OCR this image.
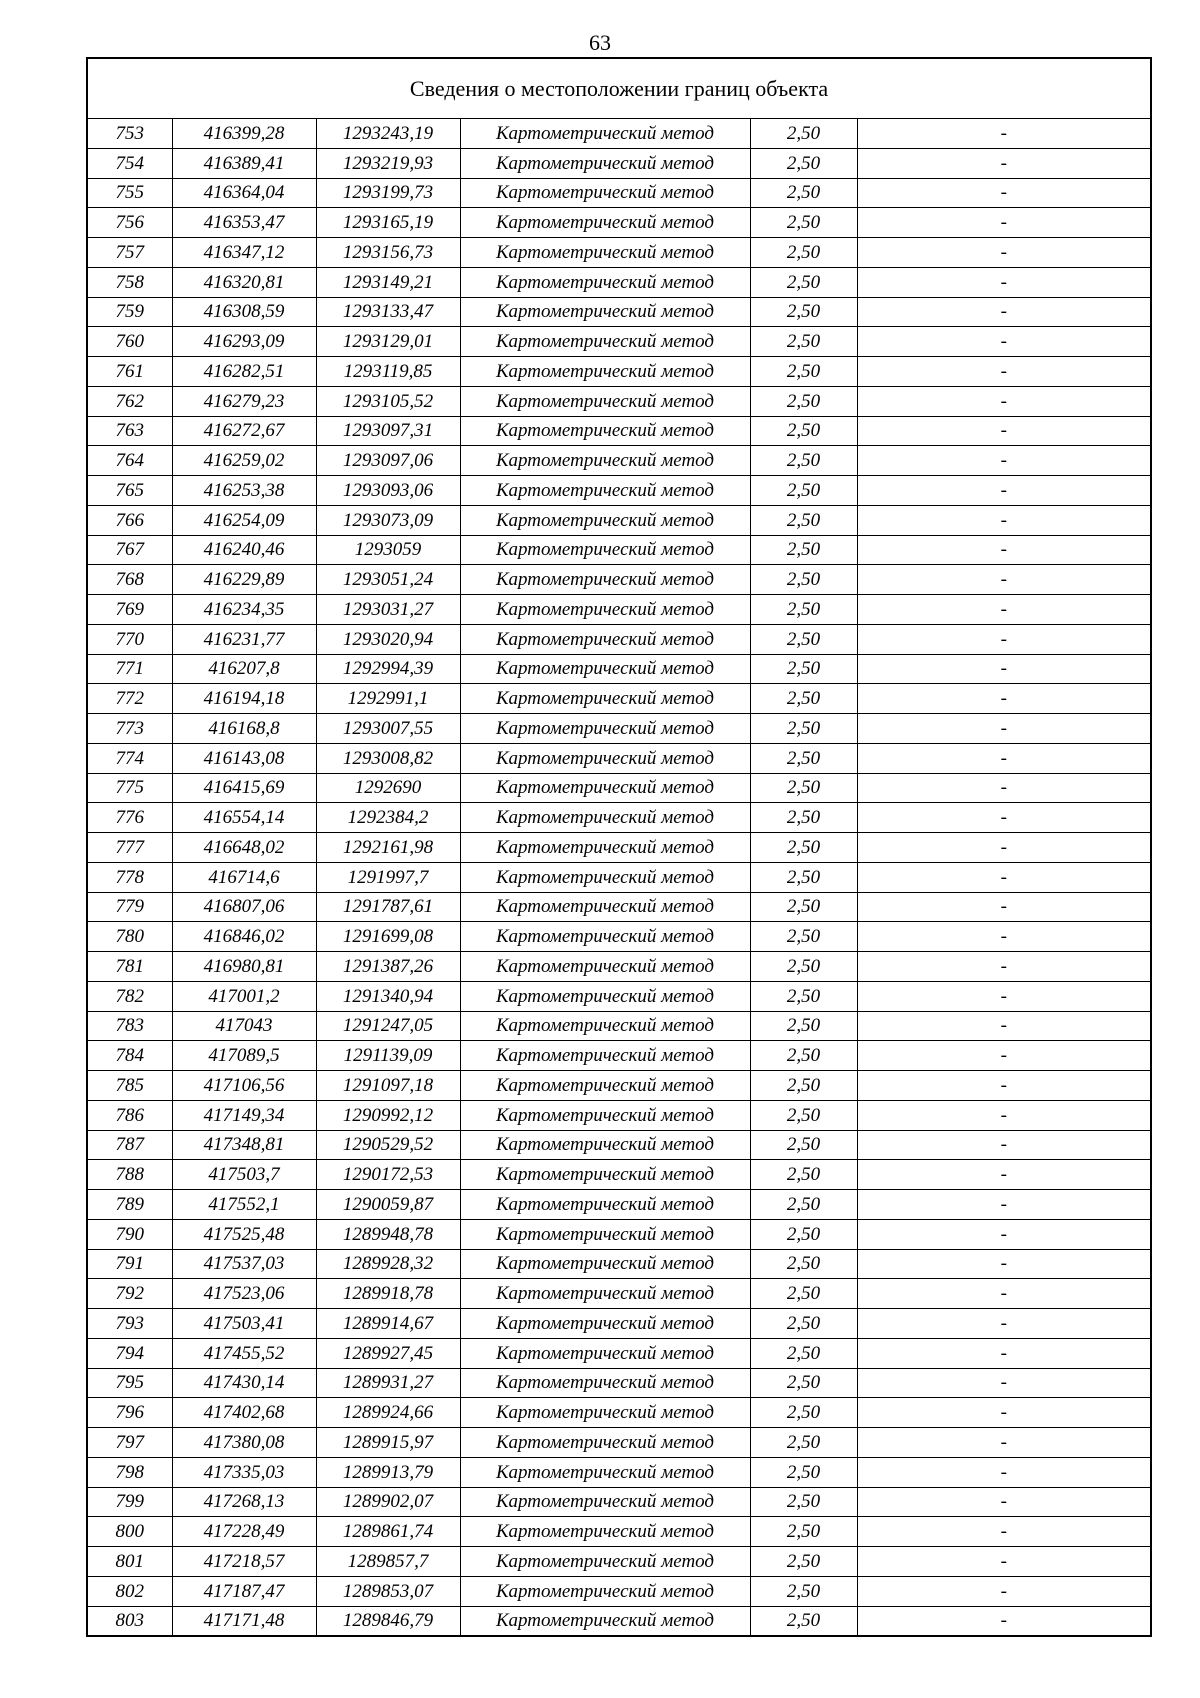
63
Сведения о местоположении границ объекта					
753	416399,28	1293243,19	Картометрический метод	2,50	-
754	416389,41	1293219,93	Картометрический метод	2,50	-
755	416364,04	1293199,73	Картометрический метод	2,50	-
756	416353,47	1293165,19	Картометрический метод	2,50	-
757	416347,12	1293156,73	Картометрический метод	2,50	-
758	416320,81	1293149,21	Картометрический метод	2,50	-
759	416308,59	1293133,47	Картометрический метод	2,50	-
760	416293,09	1293129,01	Картометрический метод	2,50	-
761	416282,51	1293119,85	Картометрический метод	2,50	-
762	416279,23	1293105,52	Картометрический метод	2,50	-
763	416272,67	1293097,31	Картометрический метод	2,50	-
764	416259,02	1293097,06	Картометрический метод	2,50	-
765	416253,38	1293093,06	Картометрический метод	2,50	-
766	416254,09	1293073,09	Картометрический метод	2,50	-
767	416240,46	1293059	Картометрический метод	2,50	-
768	416229,89	1293051,24	Картометрический метод	2,50	-
769	416234,35	1293031,27	Картометрический метод	2,50	-
770	416231,77	1293020,94	Картометрический метод	2,50	-
771	416207,8	1292994,39	Картометрический метод	2,50	-
772	416194,18	1292991,1	Картометрический метод	2,50	-
773	416168,8	1293007,55	Картометрический метод	2,50	-
774	416143,08	1293008,82	Картометрический метод	2,50	-
775	416415,69	1292690	Картометрический метод	2,50	-
776	416554,14	1292384,2	Картометрический метод	2,50	-
777	416648,02	1292161,98	Картометрический метод	2,50	-
778	416714,6	1291997,7	Картометрический метод	2,50	-
779	416807,06	1291787,61	Картометрический метод	2,50	-
780	416846,02	1291699,08	Картометрический метод	2,50	-
781	416980,81	1291387,26	Картометрический метод	2,50	-
782	417001,2	1291340,94	Картометрический метод	2,50	-
783	417043	1291247,05	Картометрический метод	2,50	-
784	417089,5	1291139,09	Картометрический метод	2,50	-
785	417106,56	1291097,18	Картометрический метод	2,50	-
786	417149,34	1290992,12	Картометрический метод	2,50	-
787	417348,81	1290529,52	Картометрический метод	2,50	-
788	417503,7	1290172,53	Картометрический метод	2,50	-
789	417552,1	1290059,87	Картометрический метод	2,50	-
790	417525,48	1289948,78	Картометрический метод	2,50	-
791	417537,03	1289928,32	Картометрический метод	2,50	-
792	417523,06	1289918,78	Картометрический метод	2,50	-
793	417503,41	1289914,67	Картометрический метод	2,50	-
794	417455,52	1289927,45	Картометрический метод	2,50	-
795	417430,14	1289931,27	Картометрический метод	2,50	-
796	417402,68	1289924,66	Картометрический метод	2,50	-
797	417380,08	1289915,97	Картометрический метод	2,50	-
798	417335,03	1289913,79	Картометрический метод	2,50	-
799	417268,13	1289902,07	Картометрический метод	2,50	-
800	417228,49	1289861,74	Картометрический метод	2,50	-
801	417218,57	1289857,7	Картометрический метод	2,50	-
802	417187,47	1289853,07	Картометрический метод	2,50	-
803	417171,48	1289846,79	Картометрический метод	2,50	-
